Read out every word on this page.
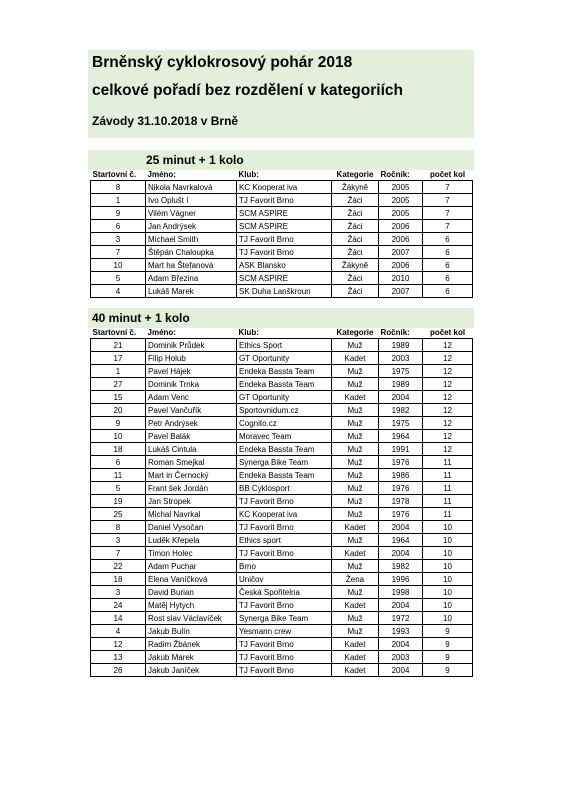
Brněnský cyklokrosový pohár 2018
celkové pořadí bez rozdělení v kategoriích
Závody 31.10.2018 v Brně
25 minut + 1 kolo
Startovní č.	Jméno:	Klub:	Kategorie	Ročník:	počet kol
8	Nikola Navrkalová	KC Kooperat iva	Žákyně	2005	7
1	Ivo Oplušt í	TJ Favorit Brno	Žáci	2005	7
9	Vilém Vágner	SCM ASPIRE	Žáci	2005	7
6	Jan Andrýsek	SCM ASPIRE	Žáci	2006	7
3	Michael Smith	TJ Favorit Brno	Žáci	2006	6
7	Štěpán Chaloupka	TJ Favorit Brno	Žáci	2007	6
10	Mart ha Štefanová	ASK Blansko	Žákyně	2006	6
5	Adam Březina	SCM ASPIRE	Žáci	2010	6
4	Lukáš Marek	SK Duha Lanškroun	Žáci	2007	6
40 minut + 1 kolo
Startovní č.	Jméno:	Klub:	Kategorie	Ročník:	počet kol
21	Dominik Průdek	Ethics Sport	Muž	1989	12
17	Filip Holub	GT Oportunity	Kadet	2003	12
1	Pavel Hájek	Endeka Bassta Team	Muž	1975	12
27	Dominik Trnka	Endeka Bassta Team	Muž	1989	12
15	Adam Venc	GT Oportunity	Kadet	2004	12
20	Pavel Vančuřík	Sportovnidum.cz	Muž	1982	12
9	Petr Andrýsek	Cognito.cz	Muž	1975	12
10	Pavel Balák	Moravec Team	Muž	1964	12
18	Lukáš Cintula	Endeka Bassta Team	Muž	1991	12
6	Roman Smejkal	Synerga Bike Team	Muž	1976	11
11	Mart in Černocký	Endeka Bassta Team	Muž	1986	11
5	Frant šek Jordán	BB Cyklosport	Muž	1976	11
19	Jan Stropek	TJ Favorit Brno	Muž	1978	11
25	Michal Navrkal	KC Kooperat iva	Muž	1976	11
8	Daniel Vysočan	TJ Favorit Brno	Kadet	2004	10
3	Luděk Křepela	Ethics sport	Muž	1964	10
7	Timon Holec	TJ Favorit Brno	Kadet	2004	10
22	Adam Puchar	Brno	Muž	1982	10
18	Elena Vaníčková	Uničov	Žena	1996	10
3	David Burian	Česká Spořitelna	Muž	1998	10
24	Matěj Hytych	TJ Favorit Brno	Kadet	2004	10
14	Rost slav Václavíček	Synerga Bike Team	Muž	1972	10
4	Jakub Bulín	Yesmann crew	Muž	1993	9
12	Radim Žbánek	TJ Favorit Brno	Kadet	2004	9
13	Jakub Marek	TJ Favorit Brno	Kadet	2003	9
26	Jakub Janíček	TJ Favorit Brno	Kadet	2004	9
